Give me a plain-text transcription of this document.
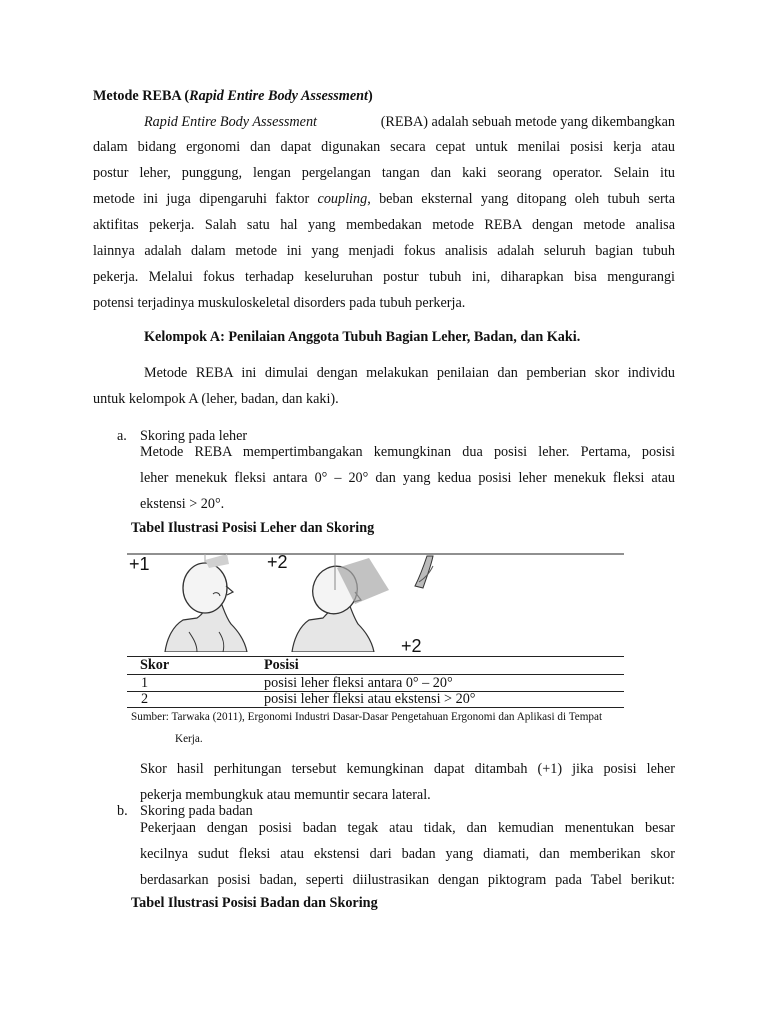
Metode REBA (Rapid Entire Body Assessment)
Rapid Entire Body Assessment	(REBA) adalah sebuah metode yang dikembangkan
dalam bidang ergonomi dan dapat digunakan secara cepat untuk menilai posisi kerja atau
postur leher, punggung, lengan pergelangan tangan dan kaki seorang operator. Selain itu
metode ini juga dipengaruhi faktor coupling, beban eksternal yang ditopang oleh tubuh serta
aktifitas pekerja. Salah satu hal yang membedakan metode REBA dengan metode analisa
lainnya adalah dalam metode ini yang menjadi fokus analisis adalah seluruh bagian tubuh
pekerja. Melalui fokus terhadap keseluruhan postur tubuh ini, diharapkan bisa mengurangi
potensi terjadinya muskuloskeletal disorders pada tubuh perkerja.
Kelompok A: Penilaian Anggota Tubuh Bagian Leher, Badan, dan Kaki.
Metode REBA ini dimulai dengan melakukan penilaian dan pemberian skor individu
untuk kelompok A (leher, badan, dan kaki).
a. Skoring pada leher
Metode REBA mempertimbangakan kemungkinan dua posisi leher. Pertama, posisi
leher menekuk fleksi antara 0° – 20° dan yang kedua posisi leher menekuk fleksi atau
ekstensi > 20°.
Tabel Ilustrasi Posisi Leher dan Skoring
+1	+2
+2
Skor	Posisi
1	posisi leher fleksi antara 0° – 20°
2	posisi leher fleksi atau ekstensi > 20°
Sumber: Tarwaka (2011), Ergonomi Industri Dasar-Dasar Pengetahuan Ergonomi dan Aplikasi di Tempat
Kerja.
Skor hasil perhitungan tersebut kemungkinan dapat ditambah (+1) jika posisi leher
pekerja membungkuk atau memuntir secara lateral.
b. Skoring pada badan
Pekerjaan dengan posisi badan tegak atau tidak, dan kemudian menentukan besar
kecilnya sudut fleksi atau ekstensi dari badan yang diamati, dan memberikan skor
berdasarkan posisi badan, seperti diilustrasikan dengan piktogram pada Tabel berikut:
Tabel Ilustrasi Posisi Badan dan Skoring
